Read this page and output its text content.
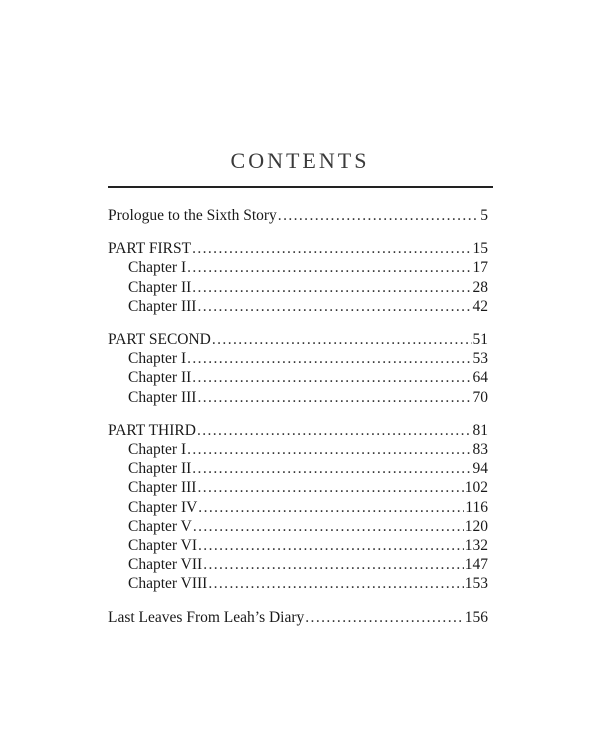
CONTENTS
Prologue to the Sixth Story .....	5
PART FIRST .....	15
Chapter I .....	17
Chapter II .....	28
Chapter III .....	42
PART SECOND .....	51
Chapter I .....	53
Chapter II .....	64
Chapter III .....	70
PART THIRD .....	81
Chapter I .....	83
Chapter II .....	94
Chapter III .....	102
Chapter IV .....	116
Chapter V .....	120
Chapter VI .....	132
Chapter VII .....	147
Chapter VIII .....	153
Last Leaves From Leah’s Diary .....	156
